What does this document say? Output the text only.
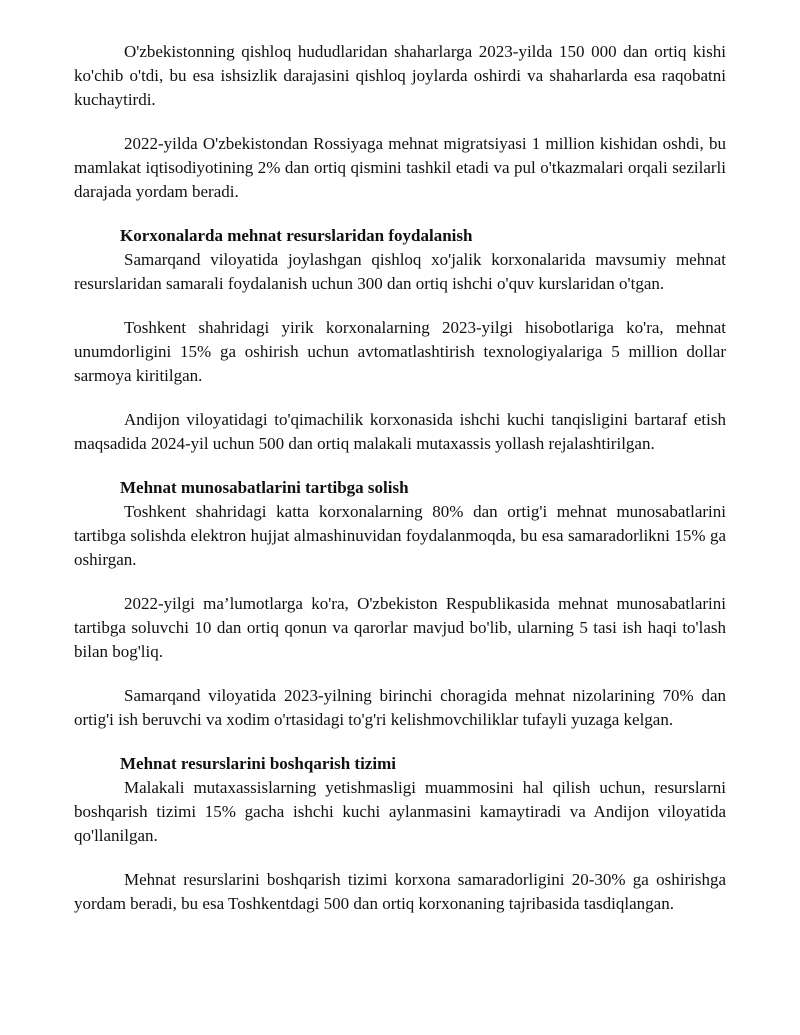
O'zbekistonning qishloq hududlaridan shaharlarga 2023-yilda 150 000 dan ortiq kishi ko'chib o'tdi, bu esa ishsizlik darajasini qishloq joylarda oshirdi va shaharlarda esa raqobatni kuchaytirdi.

2022-yilda O'zbekistondan Rossiyaga mehnat migratsiyasi 1 million kishidan oshdi, bu mamlakat iqtisodiyotining 2% dan ortiq qismini tashkil etadi va pul o'tkazmalari orqali sezilarli darajada yordam beradi.

Korxonalarda mehnat resurslaridan foydalanish

Samarqand viloyatida joylashgan qishloq xo'jalik korxonalarida mavsumiy mehnat resurslaridan samarali foydalanish uchun 300 dan ortiq ishchi o'quv kurslaridan o'tgan.

Toshkent shahridagi yirik korxonalarning 2023-yilgi hisobotlariga ko'ra, mehnat unumdorligini 15% ga oshirish uchun avtomatlashtirish texnologiyalariga 5 million dollar sarmoya kiritilgan.

Andijon viloyatidagi to'qimachilik korxonasida ishchi kuchi tanqisligini bartaraf etish maqsadida 2024-yil uchun 500 dan ortiq malakali mutaxassis yollash rejalashtirilgan.

Mehnat munosabatlarini tartibga solish

Toshkent shahridagi katta korxonalarning 80% dan ortig'i mehnat munosabatlarini tartibga solishda elektron hujjat almashinuvidan foydalanmoqda, bu esa samaradorlikni 15% ga oshirgan.

2022-yilgi ma’lumotlarga ko'ra, O'zbekiston Respublikasida mehnat munosabatlarini tartibga soluvchi 10 dan ortiq qonun va qarorlar mavjud bo'lib, ularning 5 tasi ish haqi to'lash bilan bog'liq.

Samarqand viloyatida 2023-yilning birinchi choragida mehnat nizolarining 70% dan ortig'i ish beruvchi va xodim o'rtasidagi to'g'ri kelishmovchiliklar tufayli yuzaga kelgan.

Mehnat resurslarini boshqarish tizimi

Malakali mutaxassislarning yetishmasligi muammosini hal qilish uchun, resurslarni boshqarish tizimi 15% gacha ishchi kuchi aylanmasini kamaytiradi va Andijon viloyatida qo'llanilgan.

Mehnat resurslarini boshqarish tizimi korxona samaradorligini 20-30% ga oshirishga yordam beradi, bu esa Toshkentdagi 500 dan ortiq korxonaning tajribasida tasdiqlangan.
